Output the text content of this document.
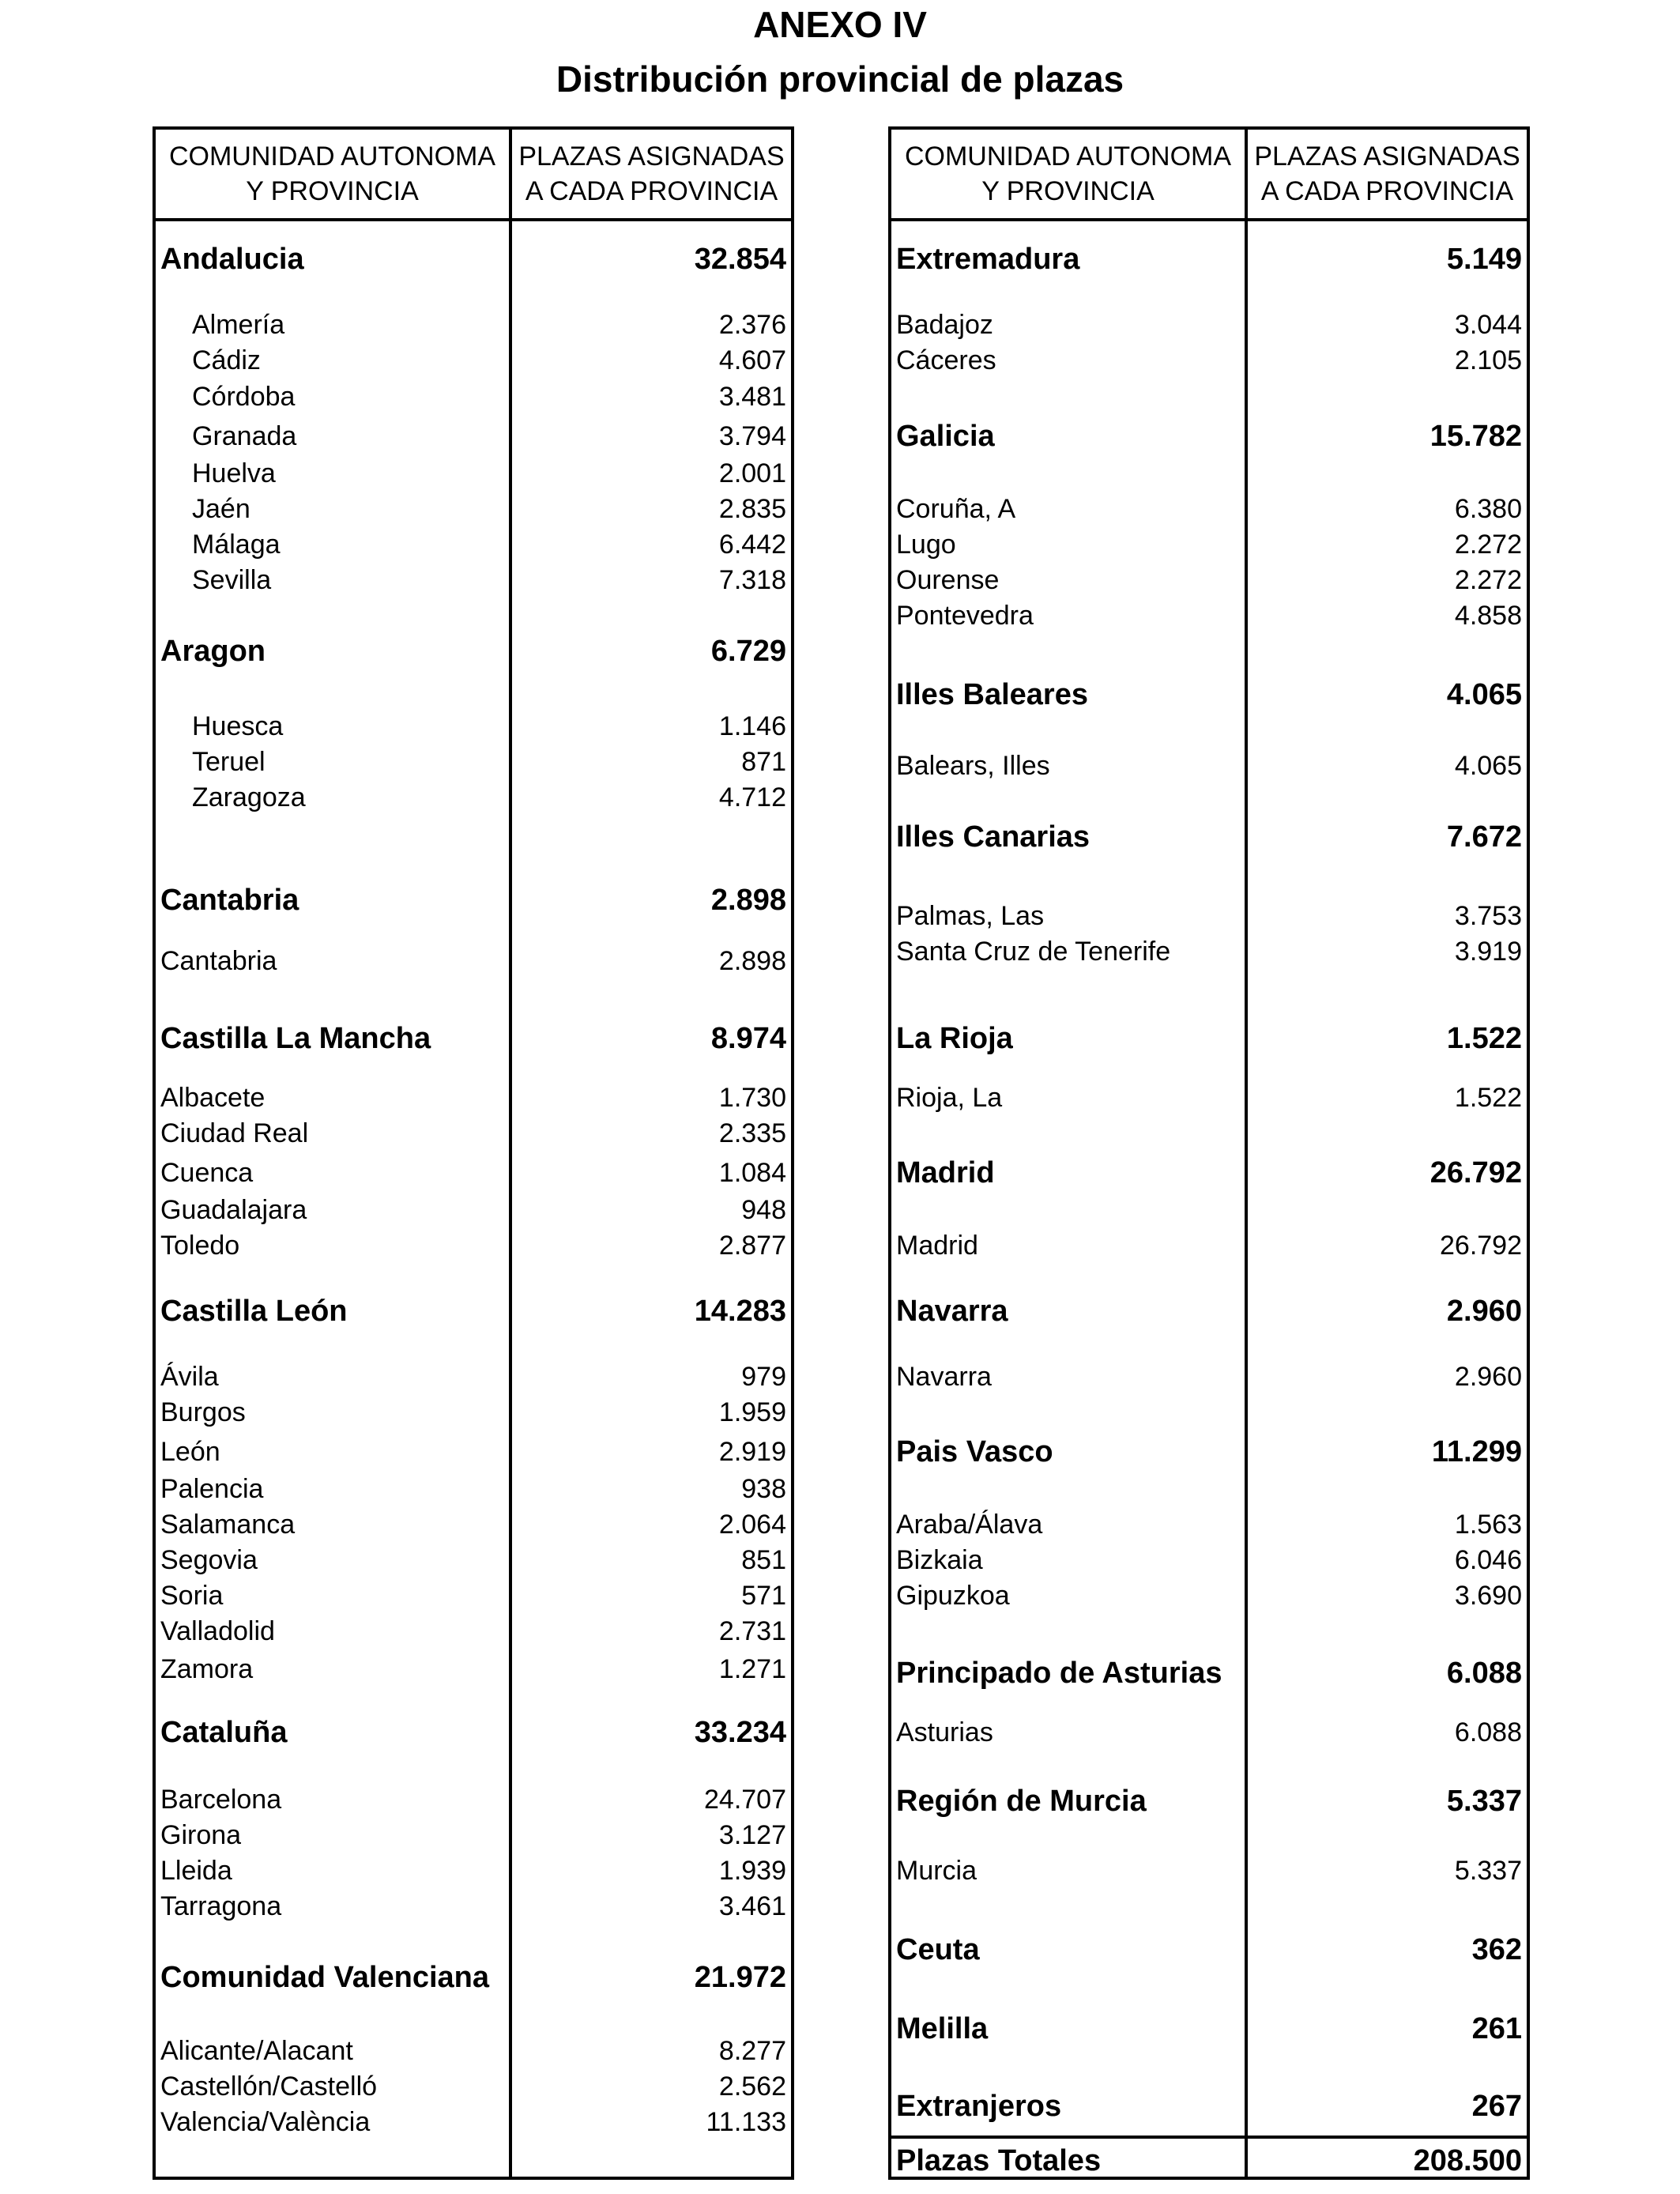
ANEXO IV
Distribución provincial de plazas
COMUNIDAD AUTONOMA
Y PROVINCIA
PLAZAS ASIGNADAS
A CADA PROVINCIA
Andalucia	32.854
Almería	2.376
Cádiz	4.607
Córdoba	3.481
Granada	3.794
Huelva	2.001
Jaén	2.835
Málaga	6.442
Sevilla	7.318
Aragon	6.729
Huesca	1.146
Teruel	871
Zaragoza	4.712
Cantabria	2.898
Cantabria	2.898
Castilla La Mancha	8.974
Albacete	1.730
Ciudad Real	2.335
Cuenca	1.084
Guadalajara	948
Toledo	2.877
Castilla León	14.283
Ávila	979
Burgos	1.959
León	2.919
Palencia	938
Salamanca	2.064
Segovia	851
Soria	571
Valladolid	2.731
Zamora	1.271
Cataluña	33.234
Barcelona	24.707
Girona	3.127
Lleida	1.939
Tarragona	3.461
Comunidad Valenciana	21.972
Alicante/Alacant	8.277
Castellón/Castelló	2.562
Valencia/València	11.133
COMUNIDAD AUTONOMA
Y PROVINCIA
PLAZAS ASIGNADAS
A CADA PROVINCIA
Extremadura	5.149
Badajoz	3.044
Cáceres	2.105
Galicia	15.782
Coruña, A	6.380
Lugo	2.272
Ourense	2.272
Pontevedra	4.858
Illes Baleares	4.065
Balears, Illes	4.065
Illes Canarias	7.672
Palmas, Las	3.753
Santa Cruz de Tenerife	3.919
La Rioja	1.522
Rioja, La	1.522
Madrid	26.792
Madrid	26.792
Navarra	2.960
Navarra	2.960
Pais Vasco	11.299
Araba/Álava	1.563
Bizkaia	6.046
Gipuzkoa	3.690
Principado de Asturias	6.088
Asturias	6.088
Región de Murcia	5.337
Murcia	5.337
Ceuta	362
Melilla	261
Extranjeros	267
Plazas Totales	208.500
